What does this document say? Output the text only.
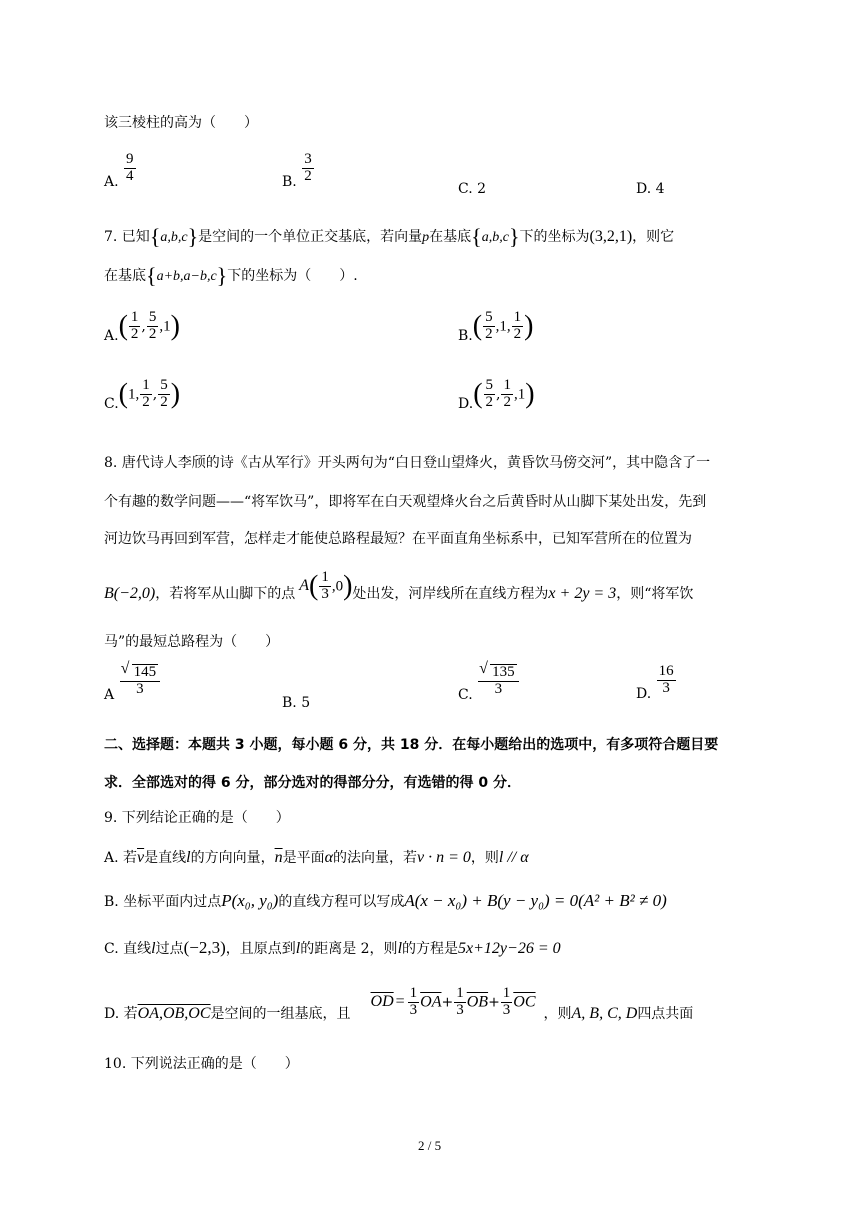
该三棱柱的高为（　　）
A. $\frac{9}{4}$	B. $\frac{3}{2}$
C. 2	D. 4
7. 已知{a,b,c}是空间的一个单位正交基底，若向量p在基底{a,b,c}下的坐标为(3,2,1)，则它
在基底{a+b,a−b,c}下的坐标为（　　）.
$A.( \frac{1}{2}$ , $\frac{5}{2} ,1$)	$B.( \frac{5}{2} ,1$, $\frac{1}{2}$ )
C.(1, $\frac{1}{2}$ , $\frac{5}{2}$ )	$D.( \frac{5}{2}$ , $\frac{1}{2} ,1$)
8. 唐代诗人李颀的诗《古从军行》开头两句为“白日登山望烽火，黄昏饮马傍交河”，其中隐含了一
个有趣的数学问题——“将军饮马”，即将军在白天观望烽火台之后黄昏时从山脚下某处出发，先到
河边饮马再回到军营，怎样走才能使总路程最短？在平面直角坐标系中，已知军营所在的位置为
B(−2,0)，若将军从山脚下的点 $A( \frac{1}{3} ,0)$处出发，河岸线所在直线方程为x + 2y = 3，则“将军饮
马”的最短总路程为（　　）
A √ $\frac{145}{3}$
B. 5
C. √ $\frac{135}{3}$	D. $\frac{16}{3}$
二、选择题：本题共 3 小题，每小题 6 分，共 18 分．在每小题给出的选项中，有多项符合题目要
求．全部选对的得 6 分，部分选对的得部分分，有选错的得 0 分．
9. 下列结论正确的是（　　）
A. 若$\overline{v}$是直线l的方向向量，$\overline{n}$是平面α的法向量，若v · n = 0，则l // α
B. 坐标平面内过点P(x₀, y₀)的直线方程可以写成A(x − x₀) + B(y − y₀) = 0(A² + B² ≠ 0)
C. 直线l过点(−2,3)，且原点到l的距离是 2，则l的方程是5x+12y−26 = 0
D. 若OA,OB,OC是空间的一组基底，且$\overline{OD} = \frac{1}{3} \overline{OA}+ \frac{1}{3} \overline{OB}+ \frac{1}{3} \overline{OC}$，则A, B, C, D四点共面
10. 下列说法正确的是（　　）
2 / 5
